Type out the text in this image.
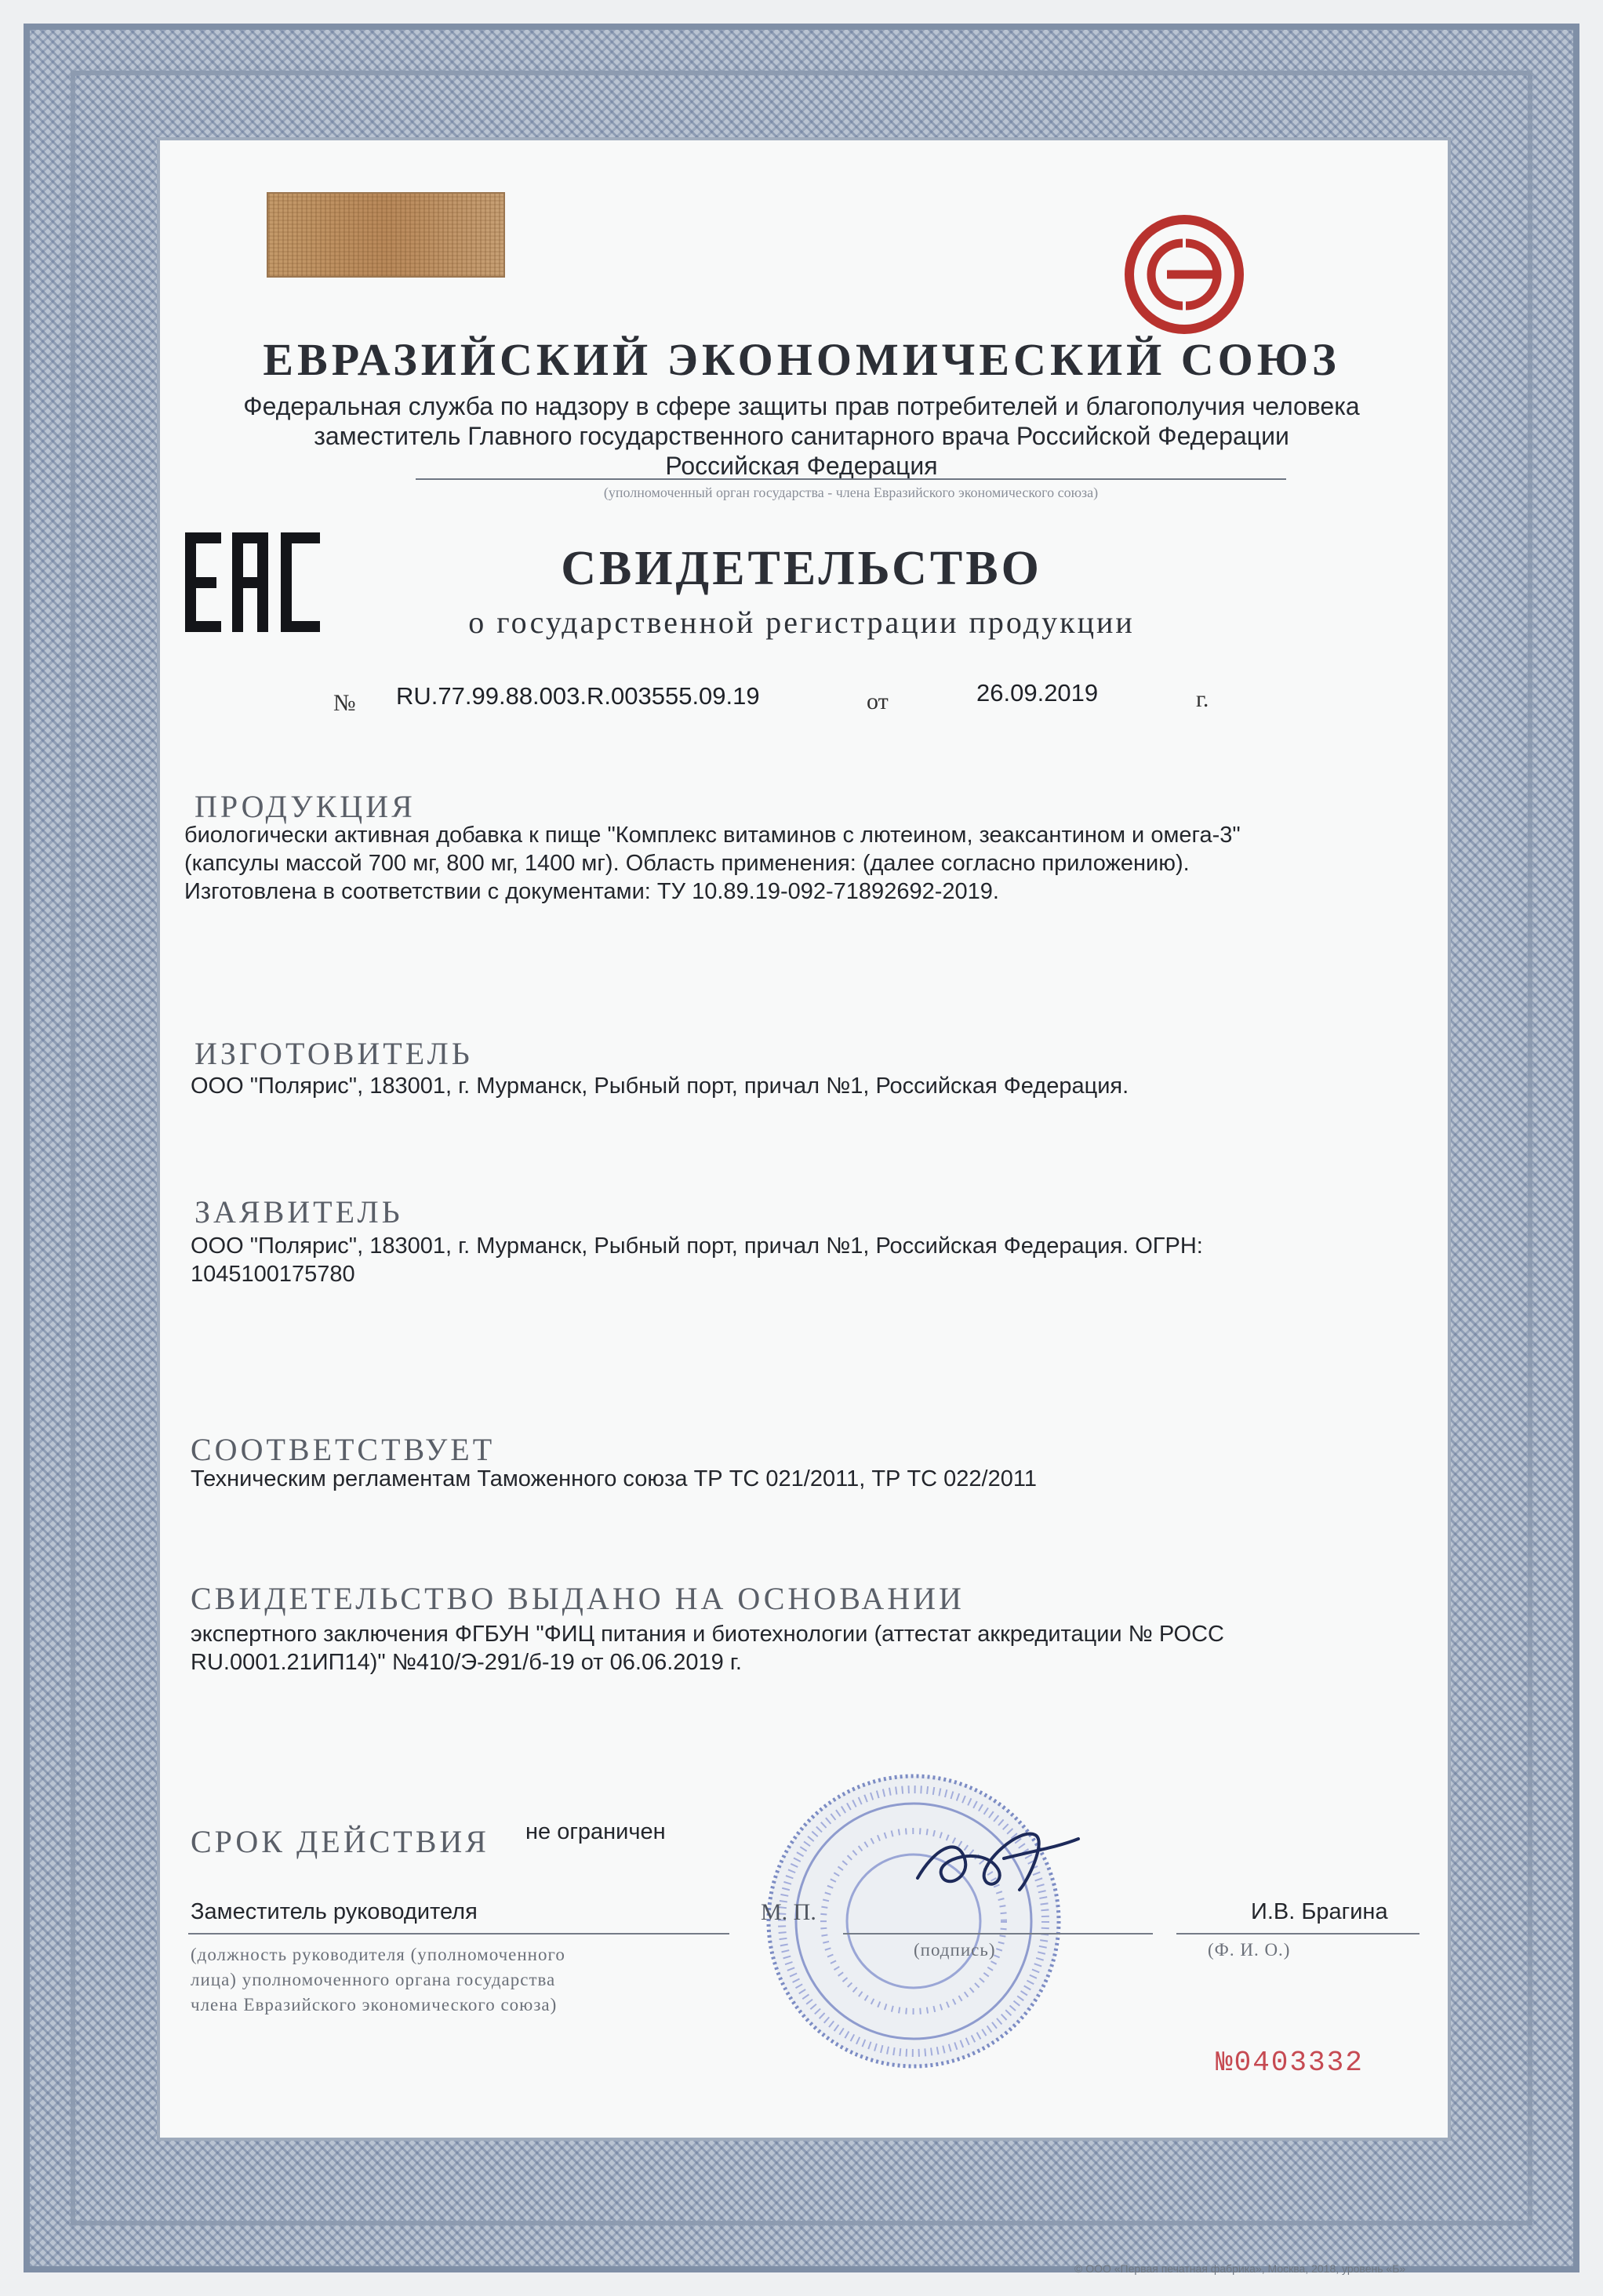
ЕВРАЗИЙСКИЙ ЭКОНОМИЧЕСКИЙ СОЮЗ
Федеральная служба по надзору в сфере защиты прав потребителей и благополучия человека
заместитель Главного государственного санитарного врача Российской Федерации
Российская Федерация
(уполномоченный орган государства - члена Евразийского экономического союза)
СВИДЕТЕЛЬСТВО
о государственной регистрации продукции
№ RU.77.99.88.003.R.003555.09.19	от	26.09.2019	г.
ПРОДУКЦИЯ
биологически активная добавка к пище "Комплекс витаминов с лютеином, зеаксантином и омега-3"
(капсулы массой 700 мг, 800 мг, 1400 мг). Область применения: (далее согласно приложению).
Изготовлена в соответствии с документами: ТУ 10.89.19-092-71892692-2019.
ИЗГОТОВИТЕЛЬ
ООО "Полярис", 183001, г. Мурманск, Рыбный порт, причал №1, Российская Федерация.
ЗАЯВИТЕЛЬ
ООО "Полярис", 183001, г. Мурманск, Рыбный порт, причал №1, Российская Федерация. ОГРН:
1045100175780
СООТВЕТСТВУЕТ
Техническим регламентам Таможенного союза ТР ТС 021/2011, ТР ТС 022/2011
СВИДЕТЕЛЬСТВО ВЫДАНО НА ОСНОВАНИИ
экспертного заключения ФГБУН "ФИЦ питания и биотехнологии (аттестат аккредитации № РОСС
RU.0001.21ИП14)" №410/Э-291/б-19 от 06.06.2019 г.
СРОК ДЕЙСТВИЯ не ограничен
Заместитель руководителя	М. П.
(подпись)
И.В. Брагина
(Ф. И. О.)
(должность руководителя (уполномоченного
лица) уполномоченного органа государства
члена Евразийского экономического союза)
№0403332
© ООО «Первая печатная фабрика», Москва, 2018, уровень «Б»
